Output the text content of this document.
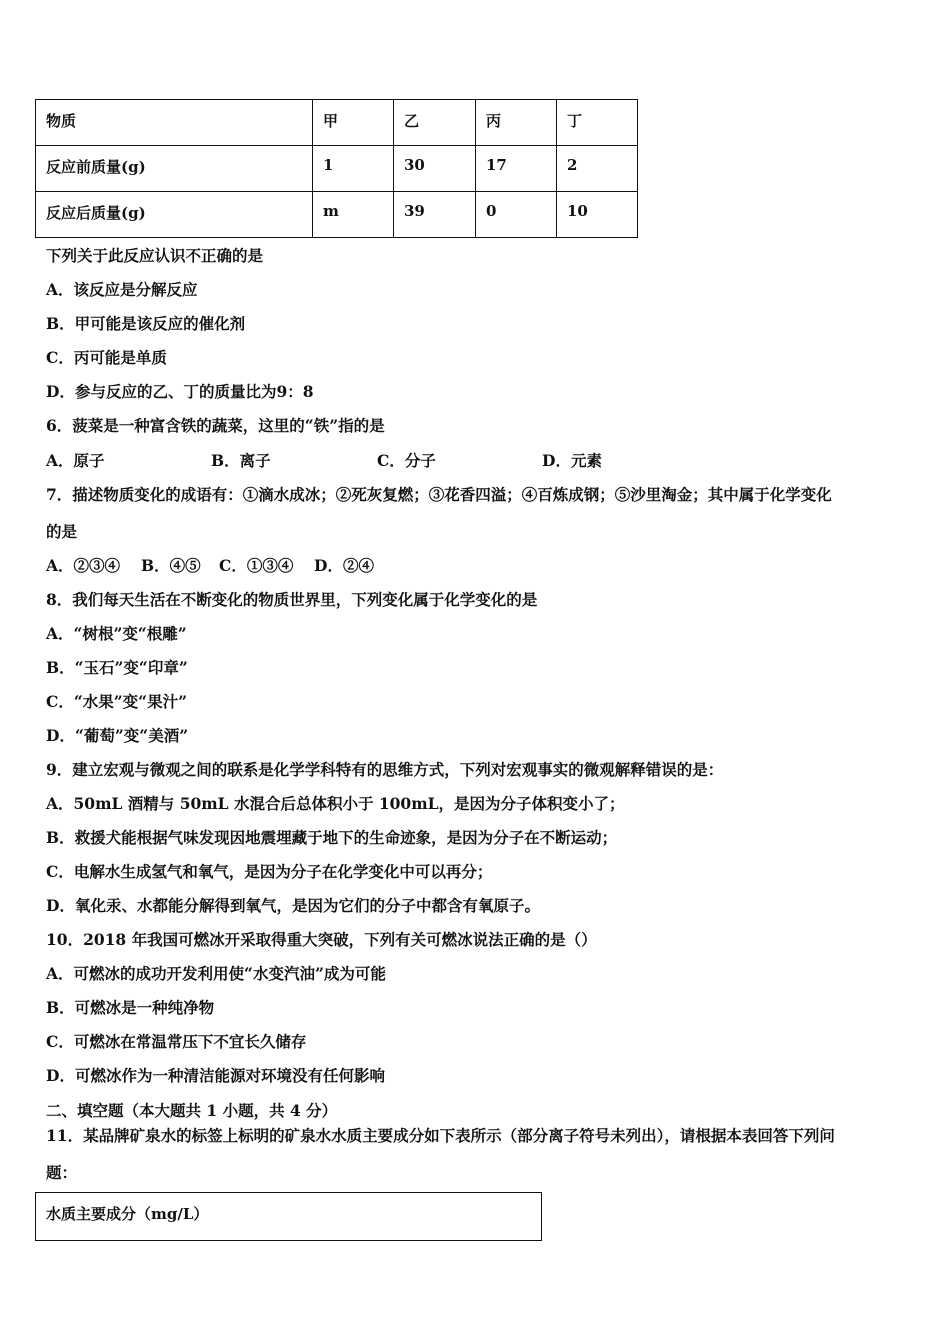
物质	甲	乙	丙	丁
反应前质量(g)	1	30	17	2
反应后质量(g)	m	39	0	10
下列关于此反应认识不正确的是
A．该反应是分解反应
B．甲可能是该反应的催化剂
C．丙可能是单质
D．参与反应的乙、丁的质量比为9：8
6．菠菜是一种富含铁的蔬菜，这里的“铁”指的是
A．原子	B．离子	C．分子	D．元素
7．描述物质变化的成语有：①滴水成冰；②死灰复燃；③花香四溢；④百炼成钢；⑤沙里淘金；其中属于化学变化
的是
A．②③④ B．④⑤ C．①③④ D．②④
8．我们每天生活在不断变化的物质世界里，下列变化属于化学变化的是
A．“树根”变“根雕”
B．“玉石”变“印章”
C．“水果”变“果汁”
D．“葡萄”变“美酒”
9．建立宏观与微观之间的联系是化学学科特有的思维方式，下列对宏观事实的微观解释错误的是：
A．50mL 酒精与 50mL 水混合后总体积小于 100mL，是因为分子体积变小了；
B．救援犬能根据气味发现因地震埋藏于地下的生命迹象，是因为分子在不断运动；
C．电解水生成氢气和氧气，是因为分子在化学变化中可以再分；
D．氧化汞、水都能分解得到氧气，是因为它们的分子中都含有氧原子。
10．2018 年我国可燃冰开采取得重大突破，下列有关可燃冰说法正确的是（）
A．可燃冰的成功开发利用使“水变汽油”成为可能
B．可燃冰是一种纯净物
C．可燃冰在常温常压下不宜长久储存
D．可燃冰作为一种清洁能源对环境没有任何影响
二、填空题（本大题共 1 小题，共 4 分）
11．某品牌矿泉水的标签上标明的矿泉水水质主要成分如下表所示（部分离子符号未列出），请根据本表回答下列问
题：
水质主要成分（mg/L）
